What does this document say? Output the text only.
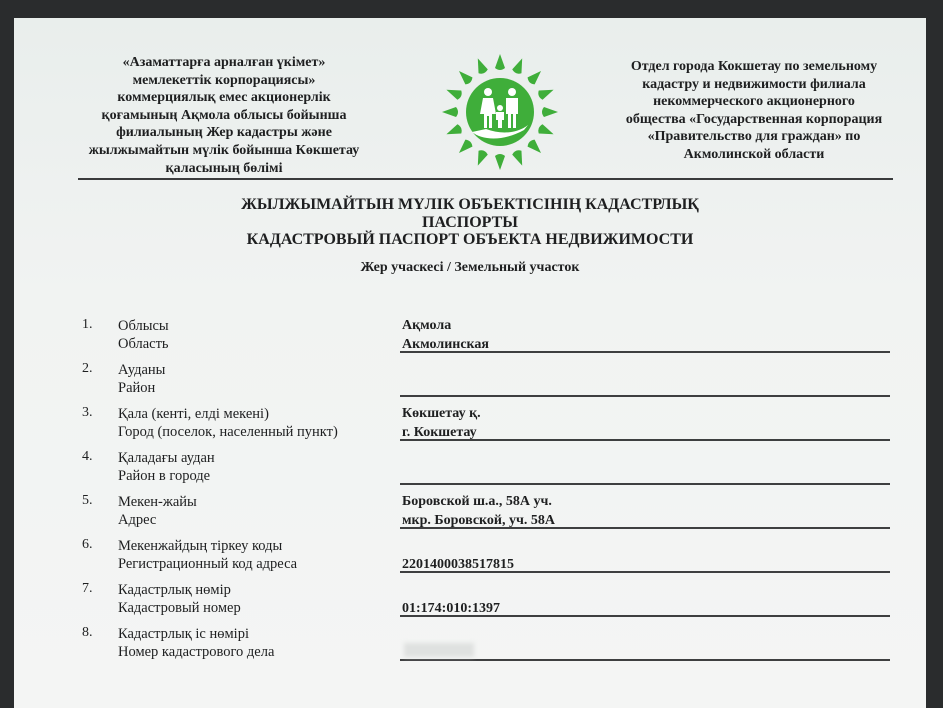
«Азаматтарға арналған үкімет»
мемлекеттік корпорациясы»
коммерциялық емес акционерлік
қоғамының Ақмола облысы бойынша
филиалының Жер кадастры және
жылжымайтын мүлік бойынша Көкшетау
қаласының бөлімі
Отдел города Кокшетау по земельному
кадастру и недвижимости филиала
некоммерческого акционерного
общества «Государственная корпорация
«Правительство для граждан» по
Акмолинской области
ЖЫЛЖЫМАЙТЫН МҮЛІК ОБЪЕКТІСІНІҢ КАДАСТРЛЫҚ
ПАСПОРТЫ
КАДАСТРОВЫЙ ПАСПОРТ ОБЪЕКТА НЕДВИЖИМОСТИ
Жер учаскесі / Земельный участок
1. Облысы
Область
Ақмола
Акмолинская
2. Ауданы
Район
3. Қала (кенті, елді мекені)
Город (поселок, населенный пункт)
Көкшетау қ.
г. Кокшетау
4. Қаладағы аудан
Район в городе
5. Мекен-жайы
Адрес
Боровской ш.а., 58А уч.
мкр. Боровской, уч. 58А
6. Мекенжайдың тіркеу коды
Регистрационный код адреса	2201400038517815
7. Кадастрлық нөмір
Кадастровый номер	01:174:010:1397
8. Кадастрлық іс нөмірі
Номер кадастрового дела
